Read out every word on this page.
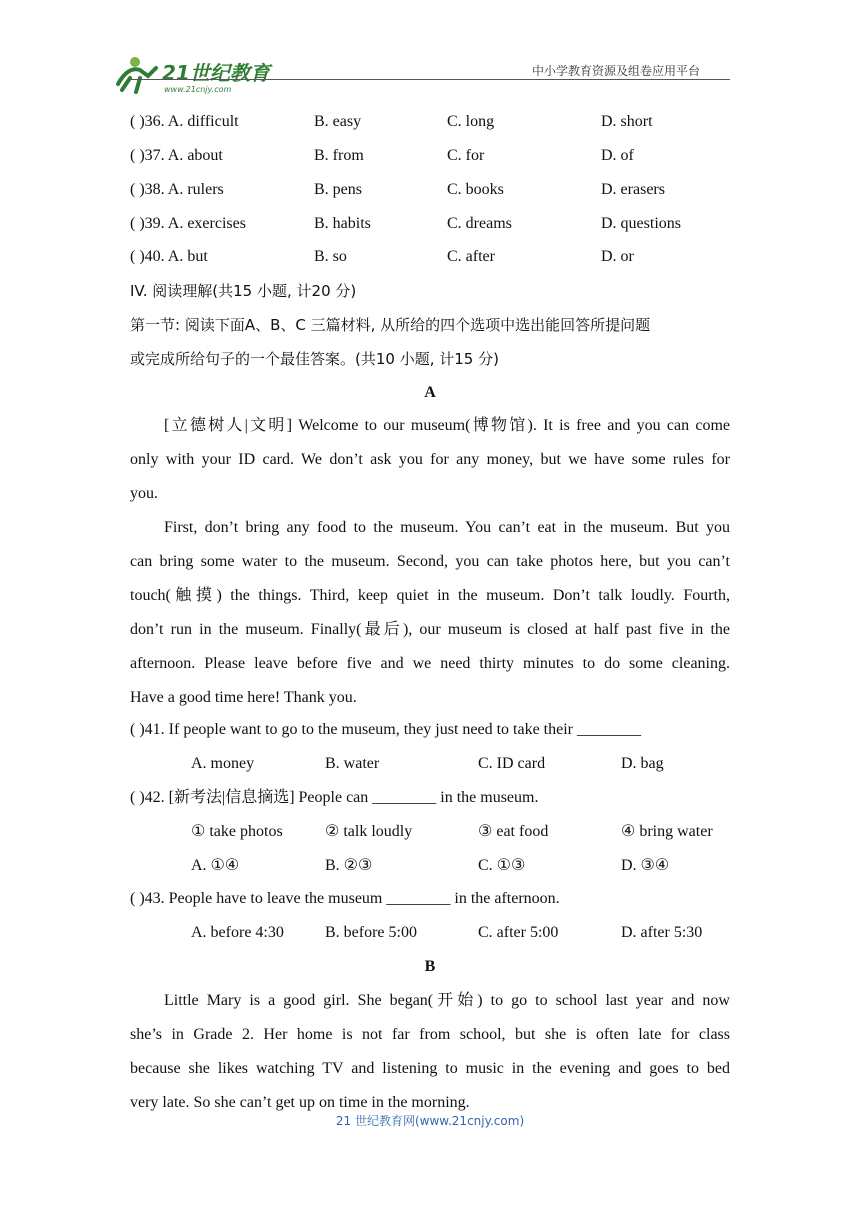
21世纪教育
www.21cnjy.com
中小学教育资源及组卷应用平台
( )36. A. difficult	B. easy	C. long	D. short
( )37. A. about	B. from	C. for	D. of
( )38. A. rulers	B. pens	C. books	D. erasers
( )39. A. exercises	B. habits	C. dreams	D. questions
( )40. A. but	B. so	C. after	D. or
IV. 阅读理解(共15 小题, 计20 分)
第一节: 阅读下面A、B、C 三篇材料, 从所给的四个选项中选出能回答所提问题
或完成所给句子的一个最佳答案。(共10 小题, 计15 分)
A
[立德树人|文明] Welcome to our museum(博物馆). It is free and you can come
only with your ID card. We don’t ask you for any money, but we have some rules for
you.
First, don’t bring any food to the museum. You can’t eat in the museum. But you
can bring some water to the museum. Second, you can take photos here, but you can’t
touch(触摸) the things. Third, keep quiet in the museum. Don’t talk loudly. Fourth,
don’t run in the museum. Finally(最后), our museum is closed at half past five in the
afternoon. Please leave before five and we need thirty minutes to do some cleaning.
Have a good time here! Thank you.
( )41. If people want to go to the museum, they just need to take their ________
A. money	B. water	C. ID card	D. bag
( )42. [新考法|信息摘选] People can ________ in the museum.
① take photos	② talk loudly	③ eat food	④ bring water
A. ①④	B. ②③	C. ①③	D. ③④
( )43. People have to leave the museum ________ in the afternoon.
A. before 4:30	B. before 5:00	C. after 5:00	D. after 5:30
B
Little Mary is a good girl. She began(开始) to go to school last year and now
she’s in Grade 2. Her home is not far from school, but she is often late for class
because she likes watching TV and listening to music in the evening and goes to bed
very late. So she can’t get up on time in the morning.
21 世纪教育网(www.21cnjy.com)
